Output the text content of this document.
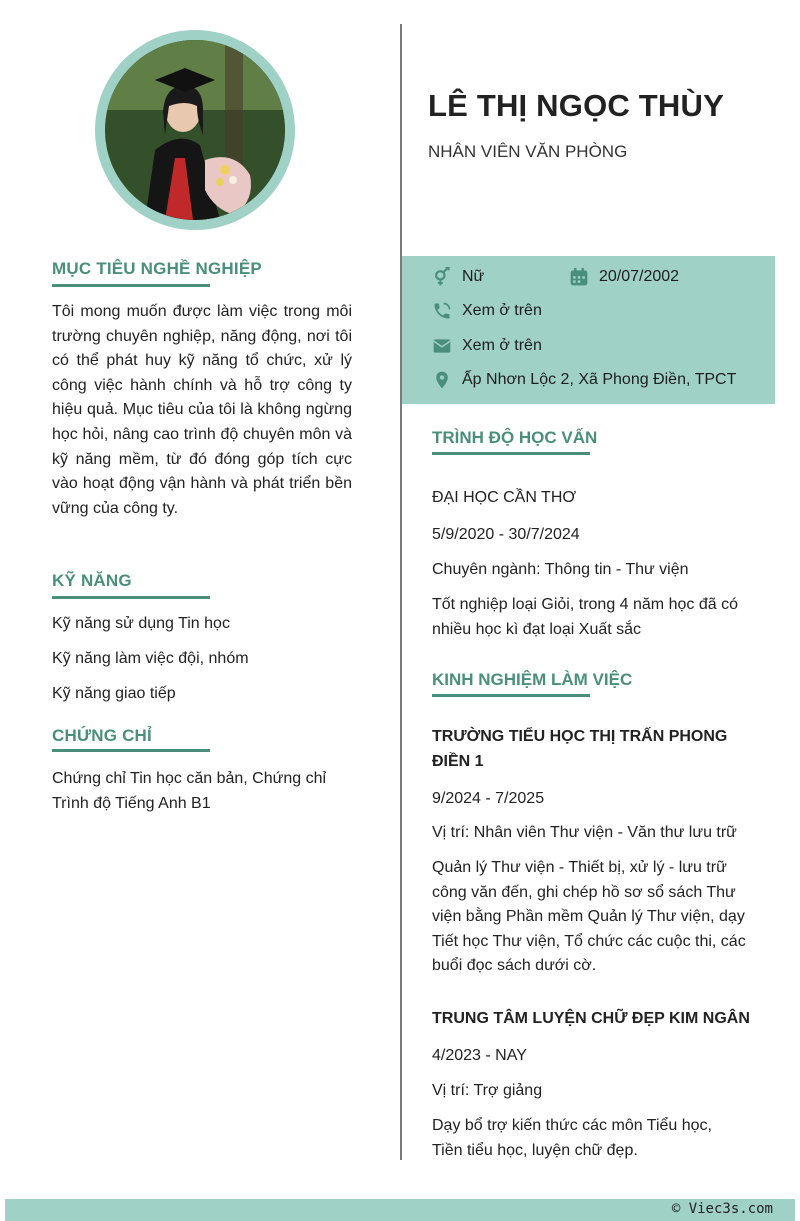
MỤC TIÊU NGHỀ NGHIỆP

Tôi mong muốn được làm việc trong môi trường chuyên nghiệp, năng động, nơi tôi có thể phát huy kỹ năng tổ chức, xử lý công việc hành chính và hỗ trợ công ty hiệu quả. Mục tiêu của tôi là không ngừng học hỏi, nâng cao trình độ chuyên môn và kỹ năng mềm, từ đó đóng góp tích cực vào hoạt động vận hành và phát triển bền vững của công ty.

KỸ NĂNG

Kỹ năng sử dụng Tin học

Kỹ năng làm việc đội, nhóm

Kỹ năng giao tiếp

CHỨNG CHỈ

Chứng chỉ Tin học căn bản, Chứng chỉ Trình độ Tiếng Anh B1

LÊ THỊ NGỌC THÙY

NHÂN VIÊN VĂN PHÒNG

Nữ	20/07/2002
Xem ở trên
Xem ở trên
Ấp Nhơn Lộc 2, Xã Phong Điền, TPCT
TRÌNH ĐỘ HỌC VẤN

ĐẠI HỌC CẦN THƠ

5/9/2020 - 30/7/2024

Chuyên ngành: Thông tin - Thư viện

Tốt nghiệp loại Giỏi, trong 4 năm học đã có nhiều học kì đạt loại Xuất sắc

KINH NGHIỆM LÀM VIỆC

TRƯỜNG TIỂU HỌC THỊ TRẤN PHONG ĐIỀN 1

9/2024 - 7/2025

Vị trí: Nhân viên Thư viện - Văn thư lưu trữ

Quản lý Thư viện - Thiết bị, xử lý - lưu trữ công văn đến, ghi chép hồ sơ sổ sách Thư viện bằng Phần mềm Quản lý Thư viện, dạy Tiết học Thư viện, Tổ chức các cuộc thi, các buổi đọc sách dưới cờ.

TRUNG TÂM LUYỆN CHỮ ĐẸP KIM NGÂN

4/2023 - NAY

Vị trí: Trợ giảng

Dạy bổ trợ kiến thức các môn Tiểu học, Tiền tiểu học, luyện chữ đẹp.

© Viec3s.com
